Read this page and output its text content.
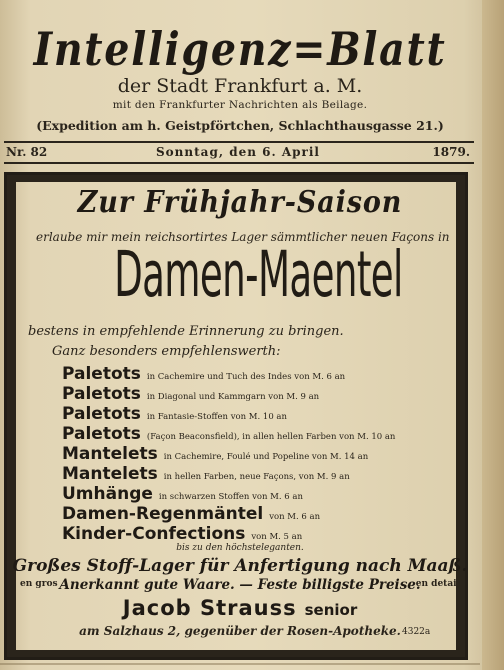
Intelligenz=Blatt
der Stadt Frankfurt a. M.
mit den Frankfurter Nachrichten als Beilage.
(Expedition am h. Geistpförtchen, Schlachthausgasse 21.)
Nr. 82	Sonntag, den 6. April	1879.
Zur Frühjahr-Saison
erlaube mir mein reichsortirtes Lager sämmtlicher neuen Façons in
Damen-Maentel
bestens in empfehlende Erinnerung zu bringen.
Ganz besonders empfehlenswerth:
Paletots in Cachemire und Tuch des Indes von M. 6 an
Paletots in Diagonal und Kammgarn von M. 9 an
Paletots in Fantasie-Stoffen von M. 10 an
Paletots (Façon Beaconsfield), in allen hellen Farben von M. 10 an
Mantelets in Cachemire, Foulé und Popeline von M. 14 an
Mantelets in hellen Farben, neue Façons, von M. 9 an
Umhänge in schwarzen Stoffen von M. 6 an
Damen-Regenmäntel von M. 6 an
Kinder-Confections von M. 5 an
bis zu den höchsteleganten.
Großes Stoff-Lager für Anfertigung nach Maaß.
en gros Anerkannt gute Waare. — Feste billigste Preise.
en detail
Jacob Strauss senior
am Salzhaus 2, gegenüber der Rosen-Apotheke. 4322a
